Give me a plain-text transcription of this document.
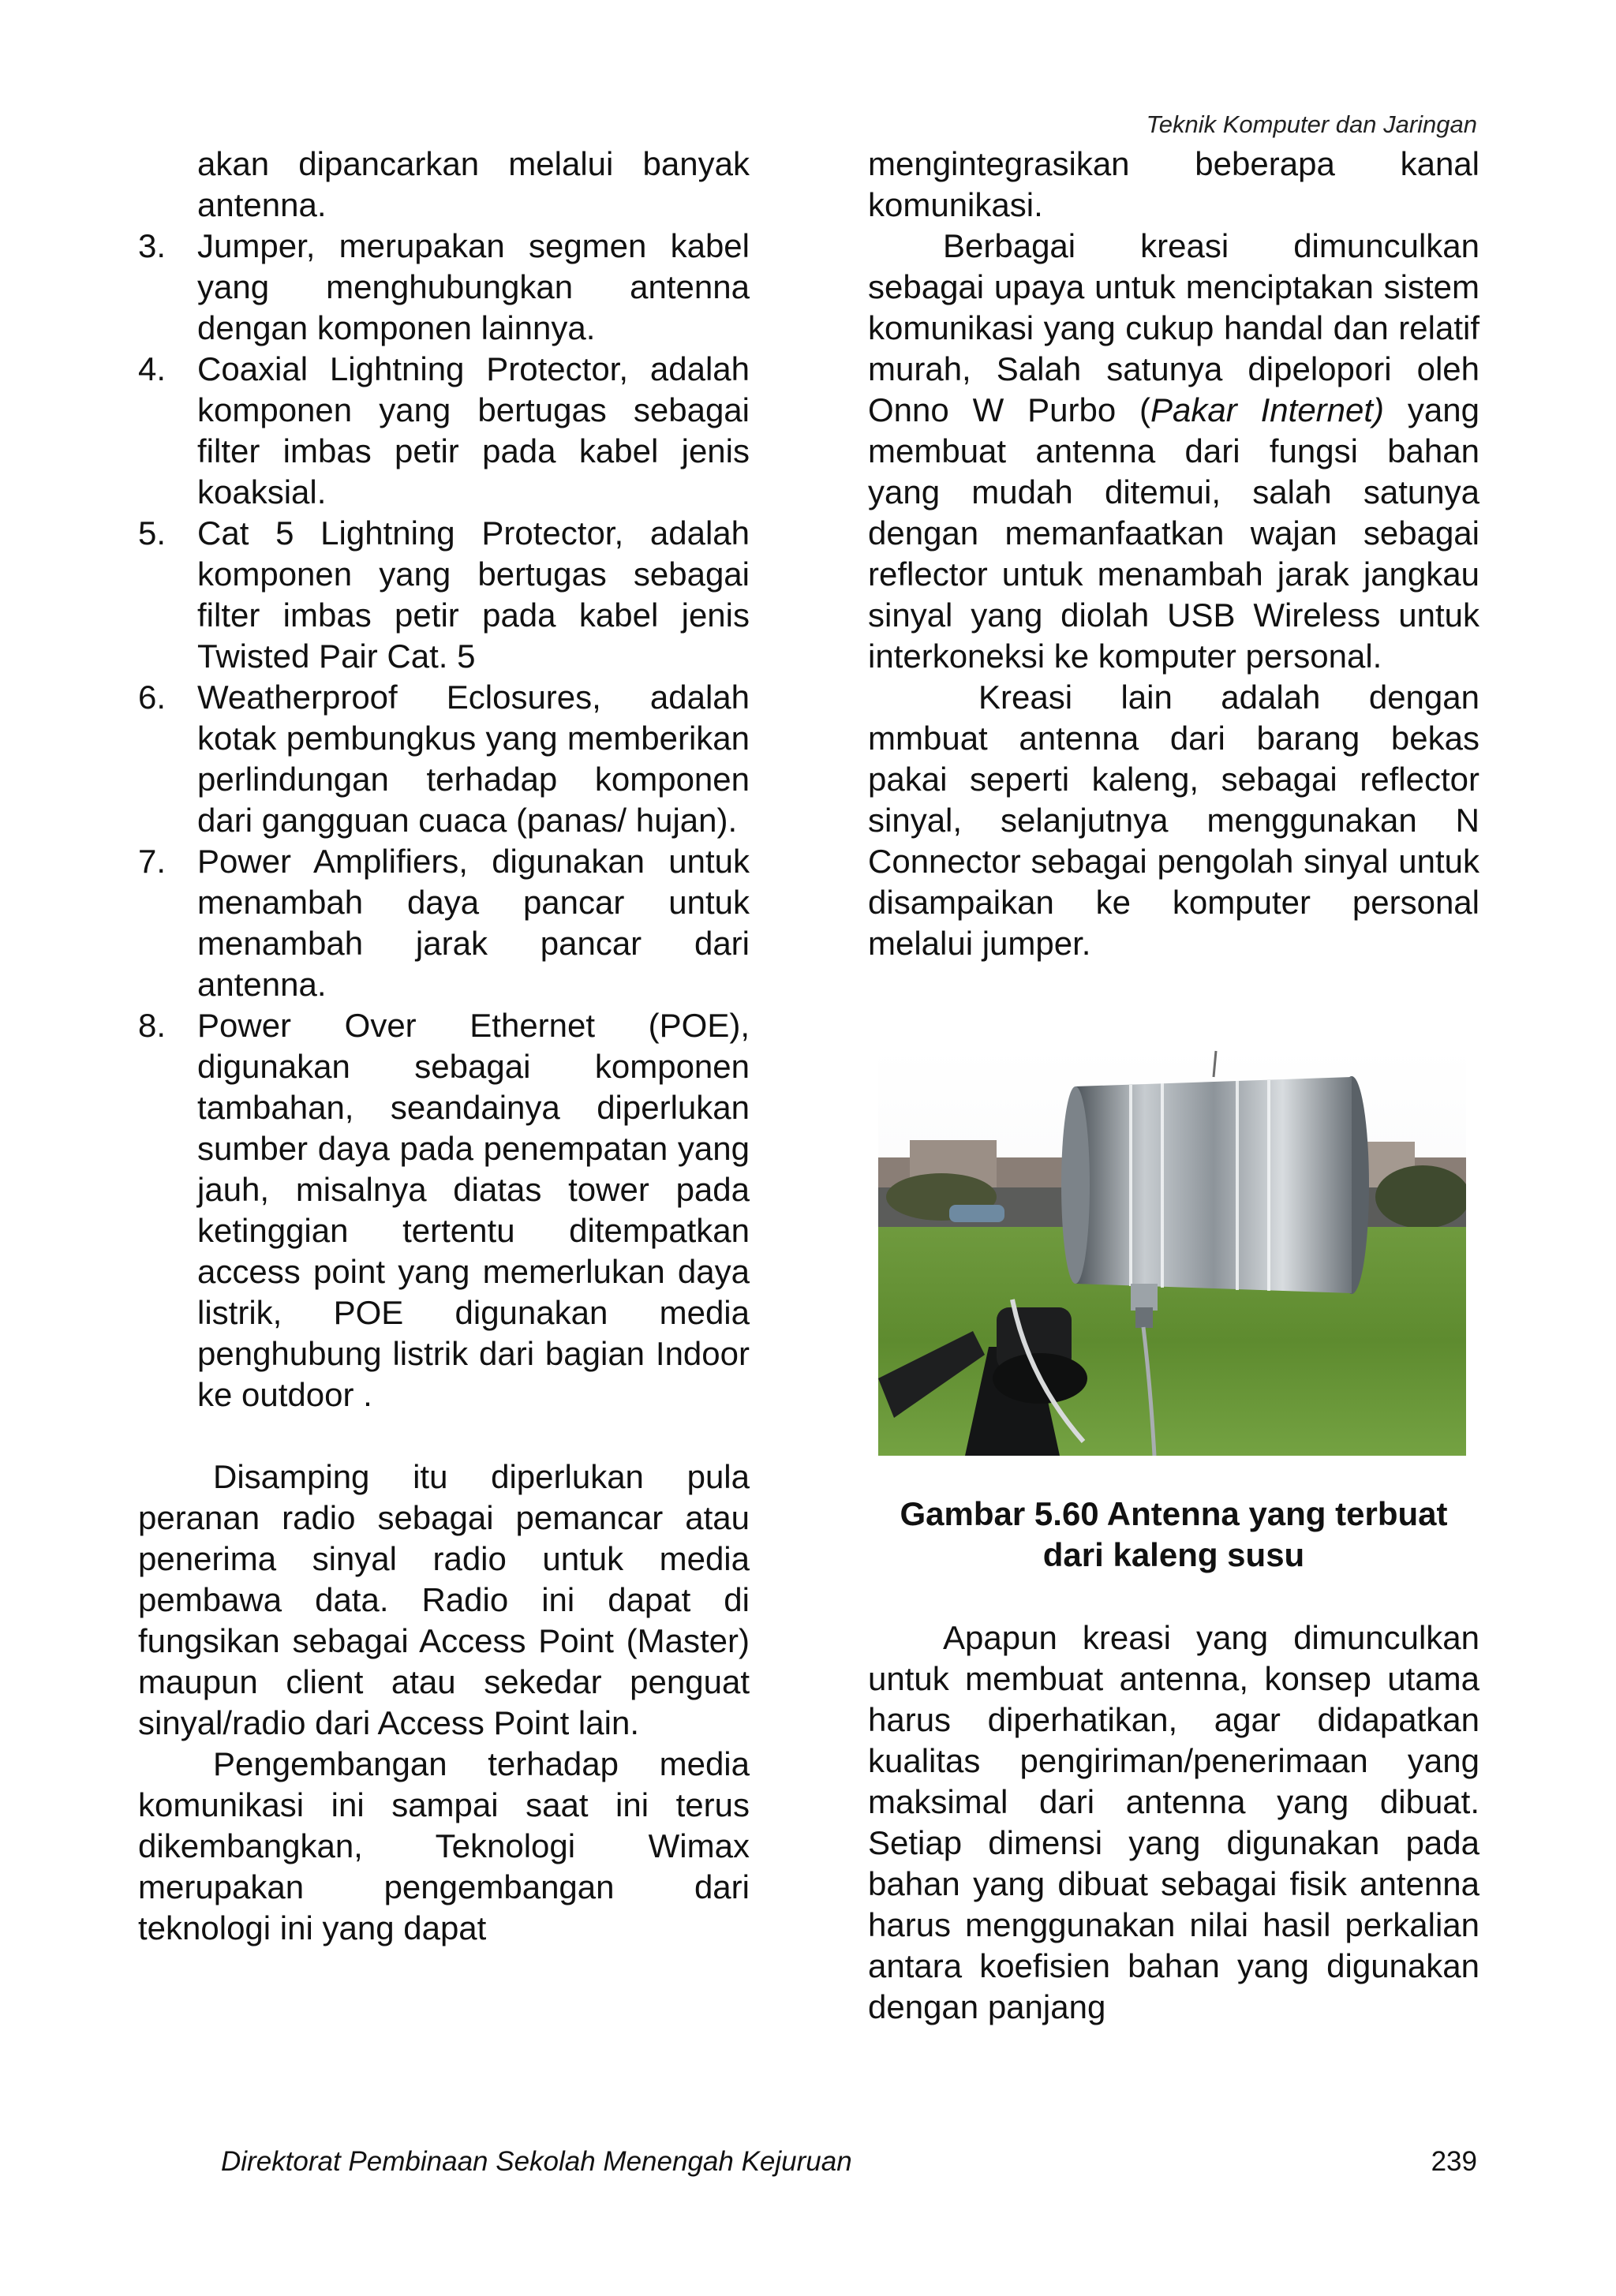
Teknik Komputer dan Jaringan

akan dipancarkan melalui banyak antenna.

3. Jumper, merupakan segmen kabel yang menghubungkan antenna dengan komponen lainnya.
4. Coaxial Lightning Protector, adalah komponen yang bertugas sebagai filter imbas petir pada kabel jenis koaksial.
5. Cat 5 Lightning Protector, adalah komponen yang bertugas sebagai filter imbas petir pada kabel jenis Twisted Pair Cat. 5
6. Weatherproof Eclosures, adalah kotak pembungkus yang memberikan perlindungan terhadap komponen dari gangguan cuaca (panas/ hujan).
7. Power Amplifiers, digunakan untuk menambah daya pancar untuk menambah jarak pancar dari antenna.
8. Power Over Ethernet (POE), digunakan sebagai komponen tambahan, seandainya diperlukan sumber daya pada penempatan yang jauh, misalnya diatas tower pada ketinggian tertentu ditempatkan access point yang memerlukan daya listrik, POE digunakan media penghubung listrik dari bagian Indoor ke outdoor .

Disamping itu diperlukan pula peranan radio sebagai pemancar atau penerima sinyal radio untuk media pembawa data. Radio ini dapat di fungsikan sebagai Access Point (Master) maupun client atau sekedar penguat sinyal/radio dari Access Point lain.

Pengembangan terhadap media komunikasi ini sampai saat ini terus dikembangkan, Teknologi Wimax merupakan pengembangan dari teknologi ini yang dapat

mengintegrasikan beberapa kanal komunikasi.

Berbagai kreasi dimunculkan sebagai upaya untuk menciptakan sistem komunikasi yang cukup handal dan relatif murah, Salah satunya dipelopori oleh Onno W Purbo (Pakar Internet) yang membuat antenna dari fungsi bahan yang mudah ditemui, salah satunya dengan memanfaatkan wajan sebagai reflector untuk menambah jarak jangkau sinyal yang diolah USB Wireless untuk interkoneksi ke komputer personal.

Kreasi lain adalah dengan mmbuat antenna dari barang bekas pakai seperti kaleng, sebagai reflector sinyal, selanjutnya menggunakan N Connector sebagai pengolah sinyal untuk disampaikan ke komputer personal melalui jumper.

Gambar 5.60 Antenna yang terbuat
dari kaleng susu

Apapun kreasi yang dimunculkan untuk membuat antenna, konsep utama harus diperhatikan, agar didapatkan kualitas pengiriman/penerimaan yang maksimal dari antenna yang dibuat. Setiap dimensi yang digunakan pada bahan yang dibuat sebagai fisik antenna harus menggunakan nilai hasil perkalian antara koefisien bahan yang digunakan dengan panjang

Direktorat Pembinaan Sekolah Menengah Kejuruan	239
